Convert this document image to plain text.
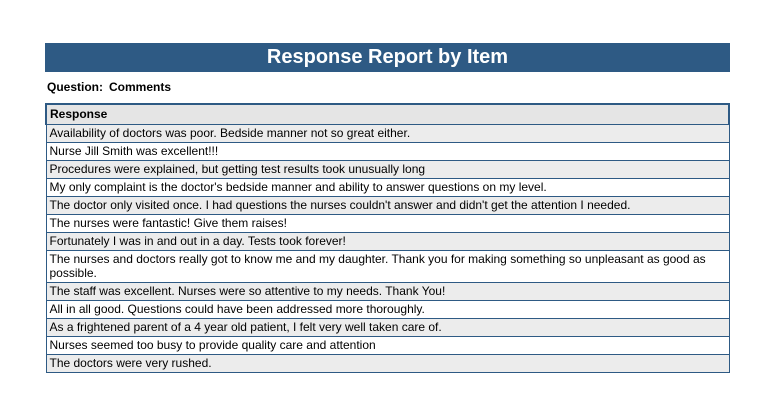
Response Report by Item
Question: Comments
Response
Availability of doctors was poor. Bedside manner not so great either.
Nurse Jill Smith was excellent!!!
Procedures were explained, but getting test results took unusually long
My only complaint is the doctor's bedside manner and ability to answer questions on my level.
The doctor only visited once. I had questions the nurses couldn't answer and didn't get the attention I needed.
The nurses were fantastic! Give them raises!
Fortunately I was in and out in a day. Tests took forever!
The nurses and doctors really got to know me and my daughter. Thank you for making something so unpleasant as good as possible.
The staff was excellent. Nurses were so attentive to my needs. Thank You!
All in all good. Questions could have been addressed more thoroughly.
As a frightened parent of a 4 year old patient, I felt very well taken care of.
Nurses seemed too busy to provide quality care and attention
The doctors were very rushed.
